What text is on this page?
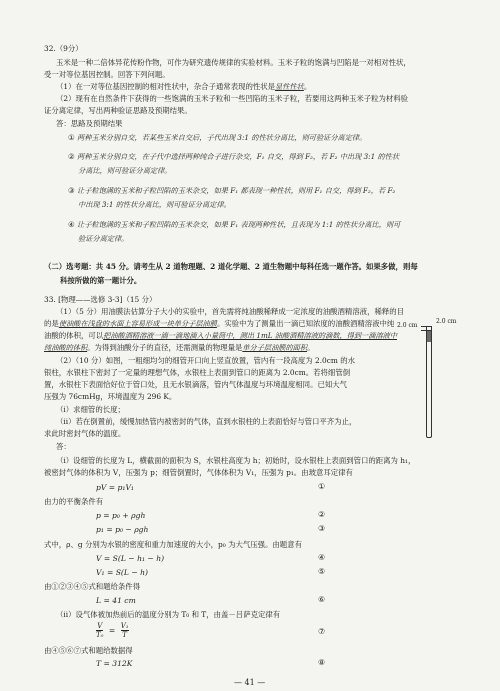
32.（9分）
玉米是一种二倍体异花传粉作物，可作为研究遗传规律的实验材料。玉米子粒的饱满与凹陷是一对相对性状，
受一对等位基因控制。回答下列问题。
（1）在一对等位基因控制的相对性状中，杂合子通常表现的性状是显性性状。
（2）现有在自然条件下获得的一些饱满的玉米子粒和一些凹陷的玉米子粒，若要用这两种玉米子粒为材料验
证分离定律，写出两种验证思路及预期结果。
答：思路及预期结果
① 两种玉米分别自交，若某些玉米自交后，子代出现 3:1 的性状分离比，则可验证分离定律。
② 两种玉米分别自交，在子代中选择两种纯合子进行杂交，F₁ 自交，得到 F₂，若 F₂ 中出现 3:1 的性状
分离比，则可验证分离定律。
③ 让子粒饱满的玉米和子粒凹陷的玉米杂交，如果 F₁ 都表现一种性状，则用 F₁ 自交，得到 F₂，若 F₂
中出现 3:1 的性状分离比，则可验证分离定律。
④ 让子粒饱满的玉米和子粒凹陷的玉米杂交，如果 F₁ 表现两种性状，且表现为 1:1 的性状分离比，则可
验证分离定律。
（二）选考题：共 45 分。请考生从 2 道物理题、2 道化学题、2 道生物题中每科任选一题作答。如果多做，则每
科按所做的第一题计分。
33. [物理——选修 3-3]（15 分）
（1）（5 分）用油膜法估算分子大小的实验中，首先需将纯油酸稀释成一定浓度的油酸酒精溶液，稀释的目
的是使油酸在浅盘的水面上容易形成一块单分子层油膜。实验中为了测量出一滴已知浓度的油酸酒精溶液中纯
油酸的体积，可以把油酸酒精溶液一滴一滴地滴入小量筒中，测出 1mL 油酸酒精溶液的滴数，得到一滴溶液中
纯油酸的体积。为得到油酸分子的直径，还需测量的物理量是单分子层油膜的面积。
（2）（10 分）如图，一粗细均匀的细管开口向上竖直放置，管内有一段高度为 2.0cm 的水
银柱，水银柱下密封了一定量的理想气体，水银柱上表面到管口的距离为 2.0cm。若将细管倒
置，水银柱下表面恰好位于管口处，且无水银滴落，管内气体温度与环境温度相同。已知大气
压强为 76cmHg，环境温度为 296 K。
（i）求细管的长度；
（ii）若在倒置前，缓慢加热管内被密封的气体，直到水银柱的上表面恰好与管口平齐为止，
求此时密封气体的温度。
2.0 cm
2.0 cm
答：
（i）设细管的长度为 L，横截面的面积为 S，水银柱高度为 h；初始时，设水银柱上表面到管口的距离为 h₁，
被密封气体的体积为 V，压强为 p；细管倒置时，气体体积为 V₁，压强为 p₁。由玻意耳定律有
pV = p₁V₁	①
由力的平衡条件有
p = p₀ + ρgh	②
p₁ = p₀ − ρgh	③
式中，ρ、g 分别为水银的密度和重力加速度的大小，p₀ 为大气压强。由题意有
V = S(L − h₁ − h)	④
V₁ = S(L − h)	⑤
由①②③④⑤式和题给条件得
L = 41 cm	⑥
（ii）设气体被加热前后的温度分别为 T₀ 和 T，由盖－吕萨克定律有
$\frac{V}{\text{T₀}} = \frac{\text{V₁}}{T}$	⑦
由④⑤⑥⑦式和题给数据得
T = 312K	⑧
— 41 —
